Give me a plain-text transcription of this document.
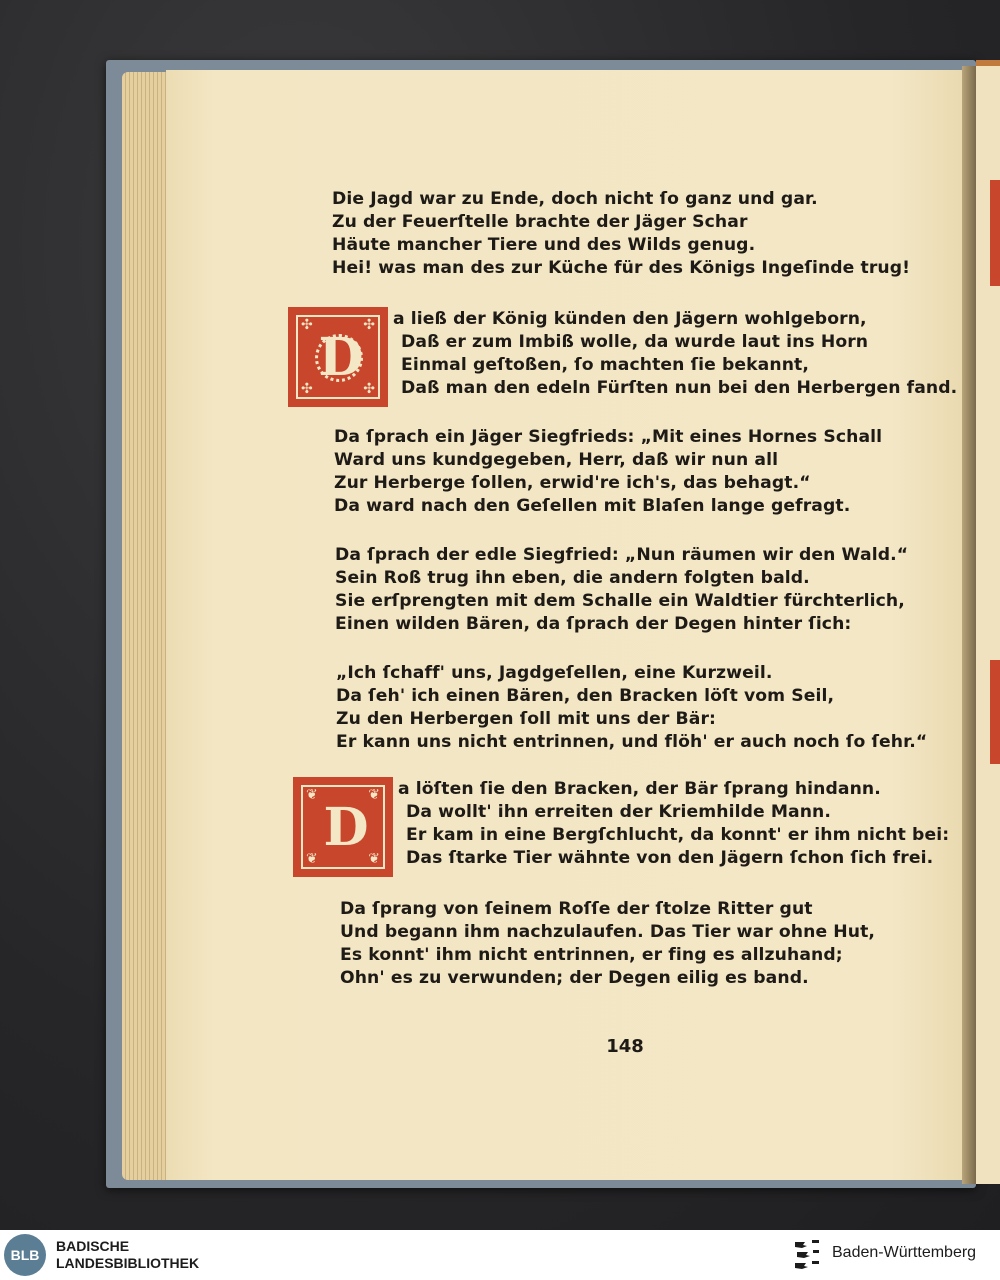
Die Jagd war zu Ende, doch nicht ſo ganz und gar.
Zu der Feuerſtelle brachte der Jäger Schar
Häute mancher Tiere und des Wilds genug.
Hei! was man des zur Küche für des Königs Ingeſinde trug!
✣	✣
✣	✣
D
a ließ der König künden den Jägern wohlgeborn,
Daß er zum Imbiß wolle, da wurde laut ins Horn
Einmal geſtoßen, ſo machten ſie bekannt,
Daß man den edeln Fürſten nun bei den Herbergen fand.
Da ſprach ein Jäger Siegfrieds: „Mit eines Hornes Schall
Ward uns kundgegeben, Herr, daß wir nun all
Zur Herberge ſollen, erwid're ich's, das behagt.“
Da ward nach den Geſellen mit Blaſen lange gefragt.
Da ſprach der edle Siegfried: „Nun räumen wir den Wald.“
Sein Roß trug ihn eben, die andern folgten bald.
Sie erſprengten mit dem Schalle ein Waldtier fürchterlich,
Einen wilden Bären, da ſprach der Degen hinter ſich:
„Ich ſchaff' uns, Jagdgeſellen, eine Kurzweil.
Da ſeh' ich einen Bären, den Bracken löſt vom Seil,
Zu den Herbergen ſoll mit uns der Bär:
Er kann uns nicht entrinnen, und flöh' er auch noch ſo ſehr.“
❦	❦
❦	❦
D
a löſten ſie den Bracken, der Bär ſprang hindann.
Da wollt' ihn erreiten der Kriemhilde Mann.
Er kam in eine Bergſchlucht, da konnt' er ihm nicht bei:
Das ſtarke Tier wähnte von den Jägern ſchon ſich frei.
Da ſprang von ſeinem Roſſe der ſtolze Ritter gut
Und begann ihm nachzulaufen. Das Tier war ohne Hut,
Es konnt' ihm nicht entrinnen, er fing es allzuhand;
Ohn' es zu verwunden; der Degen eilig es band.
148
BLB
BADISCHE
LANDESBIBLIOTHEK
Baden-Württemberg
